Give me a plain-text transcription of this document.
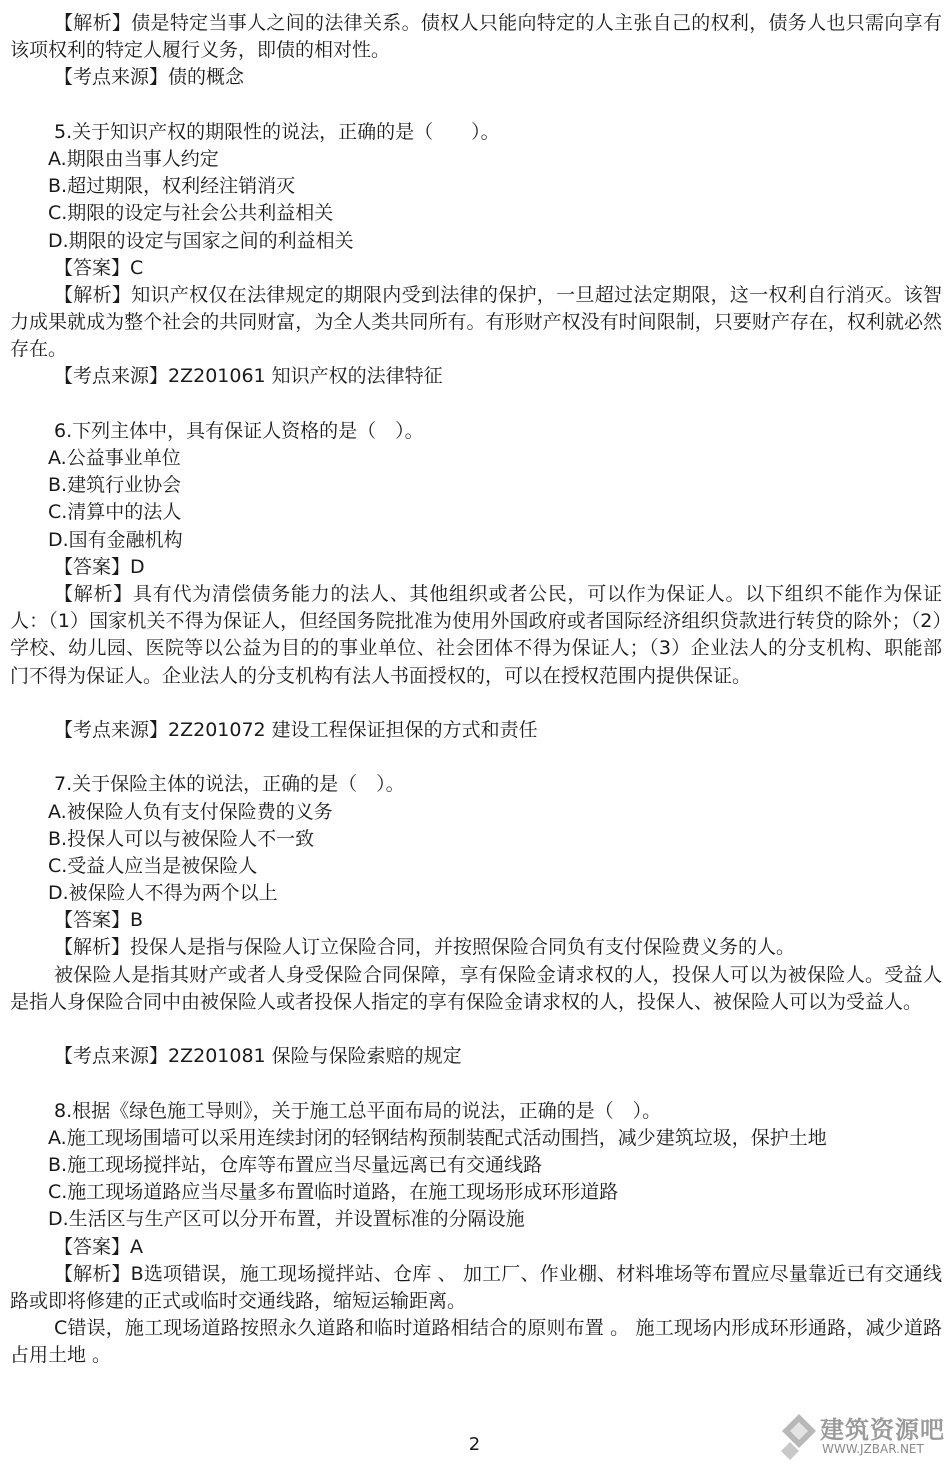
【解析】债是特定当事人之间的法律关系。债权人只能向特定的人主张自己的权利，债务人也只需向享有该项权利的特定人履行义务，即债的相对性。
【考点来源】债的概念
5.关于知识产权的期限性的说法，正确的是（　　）。
A.期限由当事人约定
B.超过期限，权利经注销消灭
C.期限的设定与社会公共利益相关
D.期限的设定与国家之间的利益相关
【答案】C
【解析】知识产权仅在法律规定的期限内受到法律的保护，一旦超过法定期限，这一权利自行消灭。该智力成果就成为整个社会的共同财富，为全人类共同所有。有形财产权没有时间限制，只要财产存在，权利就必然存在。
【考点来源】2Z201061 知识产权的法律特征
6.下列主体中，具有保证人资格的是（　）。
A.公益事业单位
B.建筑行业协会
C.清算中的法人
D.国有金融机构
【答案】D
【解析】具有代为清偿债务能力的法人、其他组织或者公民，可以作为保证人。以下组织不能作为保证人：（1）国家机关不得为保证人，但经国务院批准为使用外国政府或者国际经济组织贷款进行转贷的除外；（2）学校、幼儿园、医院等以公益为目的的事业单位、社会团体不得为保证人；（3）企业法人的分支机构、职能部门不得为保证人。企业法人的分支机构有法人书面授权的，可以在授权范围内提供保证。
【考点来源】2Z201072 建设工程保证担保的方式和责任
7.关于保险主体的说法，正确的是（　）。
A.被保险人负有支付保险费的义务
B.投保人可以与被保险人不一致
C.受益人应当是被保险人
D.被保险人不得为两个以上
【答案】B
【解析】投保人是指与保险人订立保险合同，并按照保险合同负有支付保险费义务的人。
被保险人是指其财产或者人身受保险合同保障，享有保险金请求权的人，投保人可以为被保险人。受益人是指人身保险合同中由被保险人或者投保人指定的享有保险金请求权的人，投保人、被保险人可以为受益人。
【考点来源】2Z201081 保险与保险索赔的规定
8.根据《绿色施工导则》，关于施工总平面布局的说法，正确的是（　）。
A.施工现场围墙可以采用连续封闭的轻钢结构预制装配式活动围挡，减少建筑垃圾，保护土地
B.施工现场搅拌站，仓库等布置应当尽量远离已有交通线路
C.施工现场道路应当尽量多布置临时道路，在施工现场形成环形道路
D.生活区与生产区可以分开布置，并设置标准的分隔设施
【答案】A
【解析】B选项错误，施工现场搅拌站、仓库 、 加工厂、作业棚、材料堆场等布置应尽量靠近已有交通线路或即将修建的正式或临时交通线路，缩短运输距离。
C错误，施工现场道路按照永久道路和临时道路相结合的原则布置 。 施工现场内形成环形通路，减少道路占用土地 。
2
建筑资源吧
WWW.JZBAR.NET
